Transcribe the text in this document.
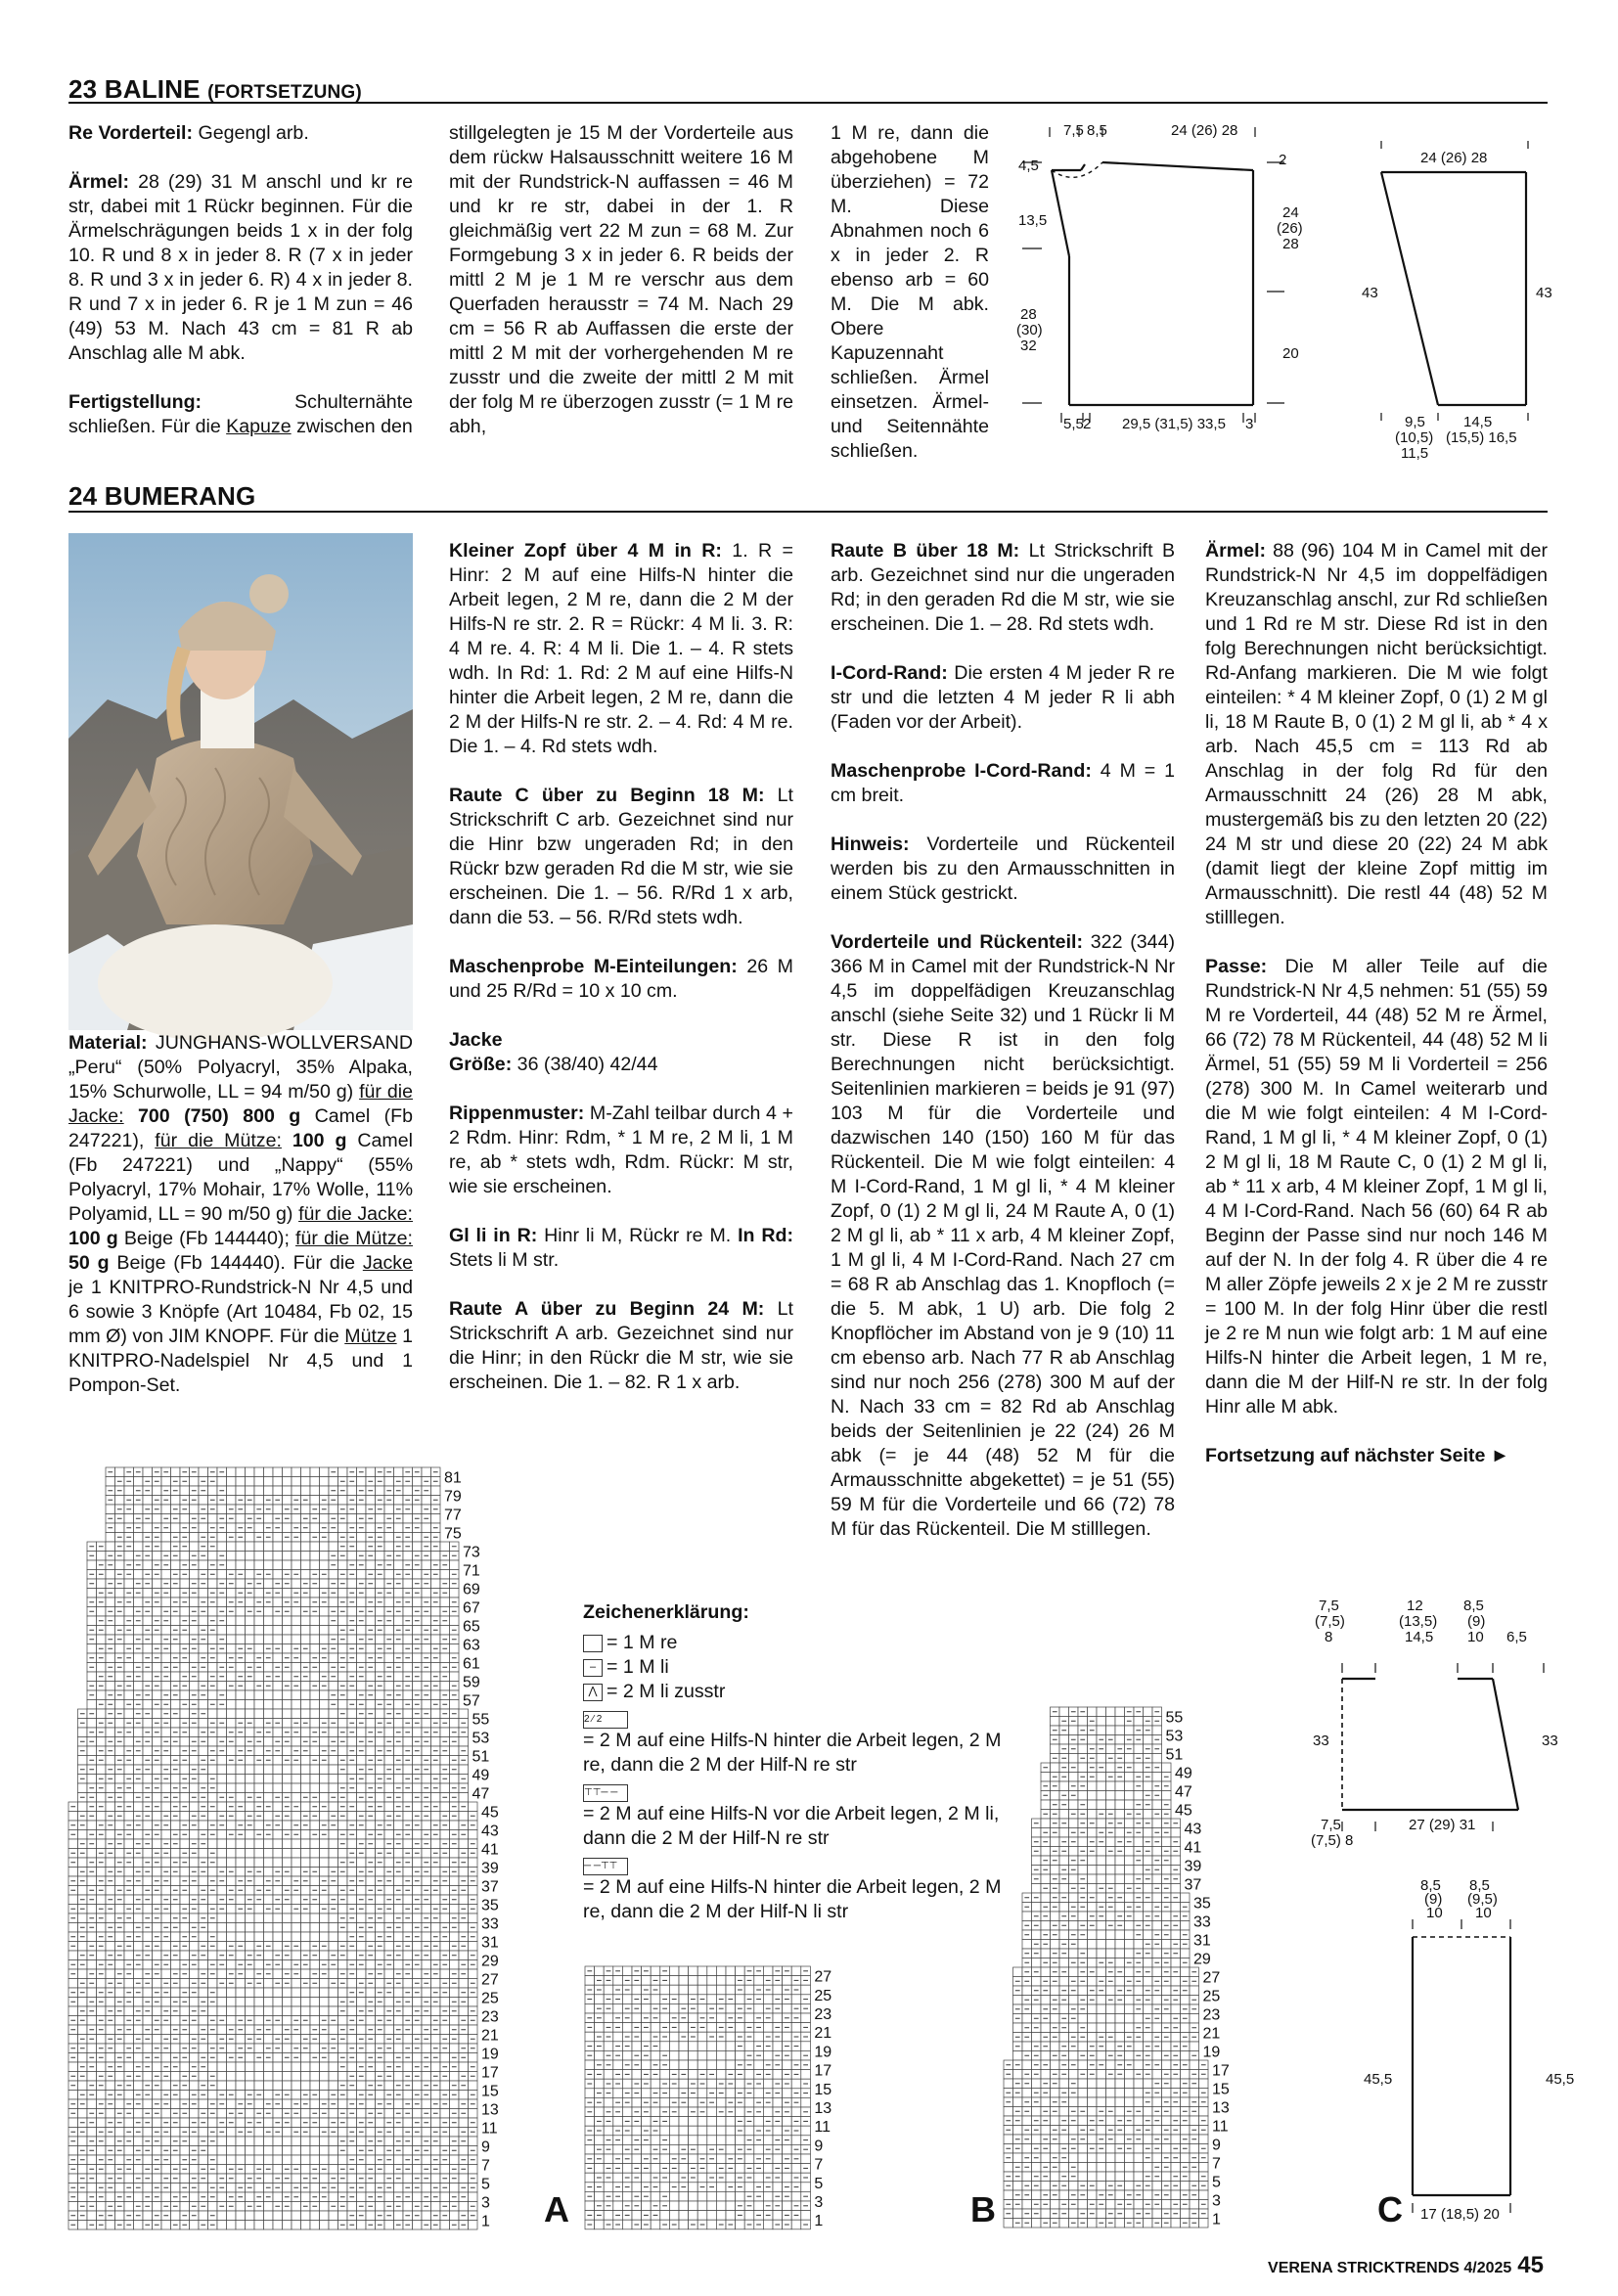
23 BALINE (FORTSETZUNG)

Re Vorderteil: Gegengl arb.

Ärmel: 28 (29) 31 M anschl und kr re str, dabei mit 1 Rückr beginnen. Für die Ärmelschrägungen beids 1 x in der folg 10. R und 8 x in jeder 8. R (7 x in jeder 8. R und 3 x in jeder 6. R) 4 x in jeder 8. R und 7 x in jeder 6. R je 1 M zun = 46 (49) 53 M. Nach 43 cm = 81 R ab Anschlag alle M abk.

Fertigstellung: Schulternähte schließen. Für die Kapuze zwischen den

stillgelegten je 15 M der Vorderteile aus dem rückw Halsausschnitt weitere 16 M mit der Rundstrick-N auffassen = 46 M und kr re str, dabei in der 1. R gleichmäßig vert 22 M zun = 68 M. Zur Formgebung 3 x in jeder 6. R beids der mittl 2 M je 1 M re verschr aus dem Querfaden herausstr = 74 M. Nach 29 cm = 56 R ab Auffassen die erste der mittl 2 M mit der vorhergehenden M re zusstr und die zweite der mittl 2 M mit der folg M re überzogen zusstr (= 1 M re abh,

1 M re, dann die abgehobene M überziehen) = 72 M. Diese Abnahmen noch 6 x in jeder 2. R ebenso arb = 60 M. Die M abk. Obere Kapuzennaht schließen. Ärmel einsetzen. Ärmel- und Seitennähte schließen.

7,5 8,5	24 (26) 28
4,5
13,5
28
(30)
32
2
24
(26)
28
20
5,5 2 29,5 (31,5) 33,5 3
24 (26) 28
43	43
9,5
(10,5)
11,5
14,5
(15,5) 16,5
24 BUMERANG

Material: JUNGHANS-WOLLVERSAND „Peru“ (50% Polyacryl, 35% Alpaka, 15% Schurwolle, LL = 94 m/50 g) für die Jacke: 700 (750) 800 g Camel (Fb 247221), für die Mütze: 100 g Camel (Fb 247221) und „Nappy“ (55% Polyacryl, 17% Mohair, 17% Wolle, 11% Polyamid, LL = 90 m/50 g) für die Jacke: 100 g Beige (Fb 144440); für die Mütze: 50 g Beige (Fb 144440). Für die Jacke je 1 KNITPRO-Rundstrick-N Nr 4,5 und 6 sowie 3 Knöpfe (Art 10484, Fb 02, 15 mm Ø) von JIM KNOPF. Für die Mütze 1 KNITPRO-Nadelspiel Nr 4,5 und 1 Pompon-Set.

Kleiner Zopf über 4 M in R: 1. R = Hinr: 2 M auf eine Hilfs-N hinter die Arbeit legen, 2 M re, dann die 2 M der Hilfs-N re str. 2. R = Rückr: 4 M li. 3. R: 4 M re. 4. R: 4 M li. Die 1. – 4. R stets wdh. In Rd: 1. Rd: 2 M auf eine Hilfs-N hinter die Arbeit legen, 2 M re, dann die 2 M der Hilfs-N re str. 2. – 4. Rd: 4 M re. Die 1. – 4. Rd stets wdh.

Raute C über zu Beginn 18 M: Lt Strickschrift C arb. Gezeichnet sind nur die Hinr bzw ungeraden Rd; in den Rückr bzw geraden Rd die M str, wie sie erscheinen. Die 1. – 56. R/Rd 1 x arb, dann die 53. – 56. R/Rd stets wdh.

Maschenprobe M-Einteilungen: 26 M und 25 R/Rd = 10 x 10 cm.

Jacke

Größe: 36 (38/40) 42/44

Rippenmuster: M-Zahl teilbar durch 4 + 2 Rdm. Hinr: Rdm, * 1 M re, 2 M li, 1 M re, ab * stets wdh, Rdm. Rückr: M str, wie sie erscheinen.

Gl li in R: Hinr li M, Rückr re M. In Rd: Stets li M str.

Raute A über zu Beginn 24 M: Lt Strickschrift A arb. Gezeichnet sind nur die Hinr; in den Rückr die M str, wie sie erscheinen. Die 1. – 82. R 1 x arb.

Raute B über 18 M: Lt Strickschrift B arb. Gezeichnet sind nur die ungeraden Rd; in den geraden Rd die M str, wie sie erscheinen. Die 1. – 28. Rd stets wdh.

I-Cord-Rand: Die ersten 4 M jeder R re str und die letzten 4 M jeder R li abh (Faden vor der Arbeit).

Maschenprobe I-Cord-Rand: 4 M = 1 cm breit.

Hinweis: Vorderteile und Rückenteil werden bis zu den Armausschnitten in einem Stück gestrickt.

Vorderteile und Rückenteil: 322 (344) 366 M in Camel mit der Rundstrick-N Nr 4,5 im doppelfädigen Kreuzanschlag anschl (siehe Seite 32) und 1 Rückr li M str. Diese R ist in den folg Berechnungen nicht berücksichtigt. Seitenlinien markieren = beids je 91 (97) 103 M für die Vorderteile und dazwischen 140 (150) 160 M für das Rückenteil. Die M wie folgt einteilen: 4 M I-Cord-Rand, 1 M gl li, * 4 M kleiner Zopf, 0 (1) 2 M gl li, 24 M Raute A, 0 (1) 2 M gl li, ab * 11 x arb, 4 M kleiner Zopf, 1 M gl li, 4 M I-Cord-Rand. Nach 27 cm = 68 R ab Anschlag das 1. Knopfloch (= die 5. M abk, 1 U) arb. Die folg 2 Knopflöcher im Abstand von je 9 (10) 11 cm ebenso arb. Nach 77 R ab Anschlag sind nur noch 256 (278) 300 M auf der N. Nach 33 cm = 82 Rd ab Anschlag beids der Seitenlinien je 22 (24) 26 M abk (= je 44 (48) 52 M für die Armausschnitte abgekettet) = je 51 (55) 59 M für die Vorderteile und 66 (72) 78 M für das Rückenteil. Die M stilllegen.

Ärmel: 88 (96) 104 M in Camel mit der Rundstrick-N Nr 4,5 im doppelfädigen Kreuzanschlag anschl, zur Rd schließen und 1 Rd re M str. Diese Rd ist in den folg Berechnungen nicht berücksichtigt. Rd-Anfang markieren. Die M wie folgt einteilen: * 4 M kleiner Zopf, 0 (1) 2 M gl li, 18 M Raute B, 0 (1) 2 M gl li, ab * 4 x arb. Nach 45,5 cm = 113 Rd ab Anschlag in der folg Rd für den Armausschnitt 24 (26) 28 M abk, mustergemäß bis zu den letzten 20 (22) 24 M str und diese 20 (22) 24 M abk (damit liegt der kleine Zopf mittig im Armausschnitt). Die restl 44 (48) 52 M stilllegen.

Passe: Die M aller Teile auf die Rundstrick-N Nr 4,5 nehmen: 51 (55) 59 M re Vorderteil, 44 (48) 52 M re Ärmel, 66 (72) 78 M Rückenteil, 44 (48) 52 M li Ärmel, 51 (55) 59 M li Vorderteil = 256 (278) 300 M. In Camel weiterarb und die M wie folgt einteilen: 4 M I-Cord-Rand, 1 M gl li, * 4 M kleiner Zopf, 0 (1) 2 M gl li, 18 M Raute C, 0 (1) 2 M gl li, ab * 11 x arb, 4 M kleiner Zopf, 1 M gl li, 4 M I-Cord-Rand. Nach 56 (60) 64 R ab Beginn der Passe sind nur noch 146 M auf der N. In der folg 4. R über die 4 re M aller Zöpfe jeweils 2 x je 2 M re zusstr = 100 M. In der folg Hinr über die restl je 2 re M nun wie folgt arb: 1 M auf eine Hilfs-N hinter die Arbeit legen, 1 M re, dann die M der Hilf-N re str. In der folg Hinr alle M abk.

Fortsetzung auf nächster Seite ►

Zeichenerklärung:
= 1 M re
– = 1 M li
⋀ = 2 M li zusstr
2 ⁄ 2
= 2 M auf eine Hilfs-N hinter die Arbeit legen, 2 M re, dann die 2 M der Hilf-N re str
⊤⊤─ ─
= 2 M auf eine Hilfs-N vor die Arbeit legen, 2 M li, dann die 2 M der Hilf-N re str
─ ─⊤⊤
= 2 M auf eine Hilfs-N hinter die Arbeit legen, 2 M re, dann die 2 M der Hilf-N li str
81
79
77
75
73
71
69
67
65
63
61
59
57
55
53
51
49
47
45
43
41
39
37
35
33
31
29
27
25
23
21
19
17
15
13
11
9
7
5
3
1 A
27
25
23
21
19
17
15
13
11
9
7
5
3
1	B
55
53
51
49
47
45
43
41
39
37
35
33
31
29
27
25
23
21
19
17
15
13
11
9
7
5
3
1	C
7,5
(7,5)
8
12
(13,5)
14,5
8,5
(9)
10 6,5
33	33
7,5
(7,5) 8
27 (29) 31
8,5
(9)
10
8,5
(9,5)
10
45,5	45,5
17 (18,5) 20
VERENA STRICKTRENDS 4/2025 45
